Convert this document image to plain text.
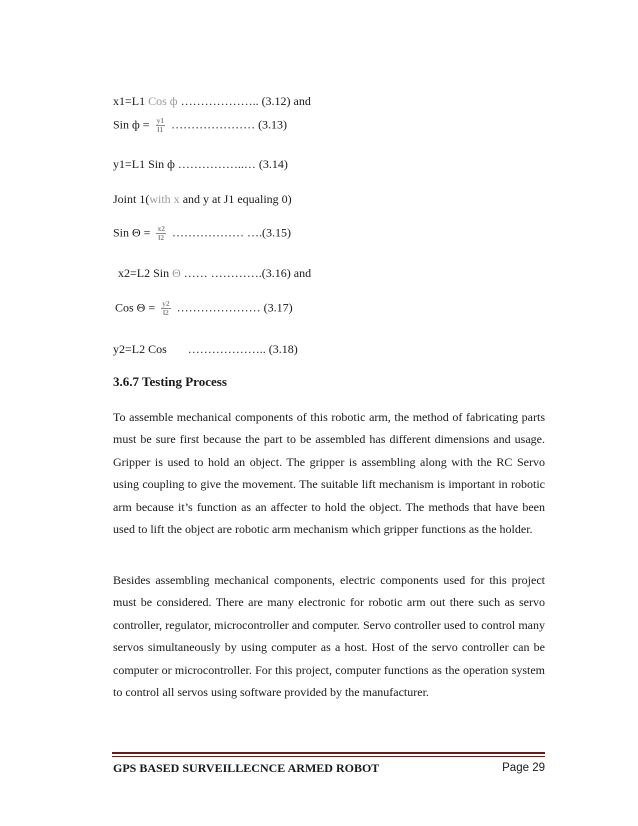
x1=L1 Cos ф ……………….. (3.12) and
Sin $ф = \frac{y1}{l1}$ ………………… (3.13)
y1=L1 Sin ф ……………..… (3.14)
Joint 1(with x and y at J1 equaling 0)
Sin $\Theta = \frac{x2}{l2}$ ……………… ….(3.15)
x2=L2 Sin Θ …… ………….(3.16) and
Cos $\Theta = \frac{y2}{l2}$ ………………… (3.17)
y2=L2 Cos ……………….. (3.18)
3.6.7 Testing Process

To assemble mechanical components of this robotic arm, the method of fabricating parts must be sure first because the part to be assembled has different dimensions and usage. Gripper is used to hold an object. The gripper is assembling along with the RC Servo using coupling to give the movement. The suitable lift mechanism is important in robotic arm because it’s function as an affecter to hold the object. The methods that have been used to lift the object are robotic arm mechanism which gripper functions as the holder.

Besides assembling mechanical components, electric components used for this project must be considered. There are many electronic for robotic arm out there such as servo controller, regulator, microcontroller and computer. Servo controller used to control many servos simultaneously by using computer as a host. Host of the servo controller can be computer or microcontroller. For this project, computer functions as the operation system to control all servos using software provided by the manufacturer.

GPS BASED SURVEILLECNCE ARMED ROBOT	Page 29
